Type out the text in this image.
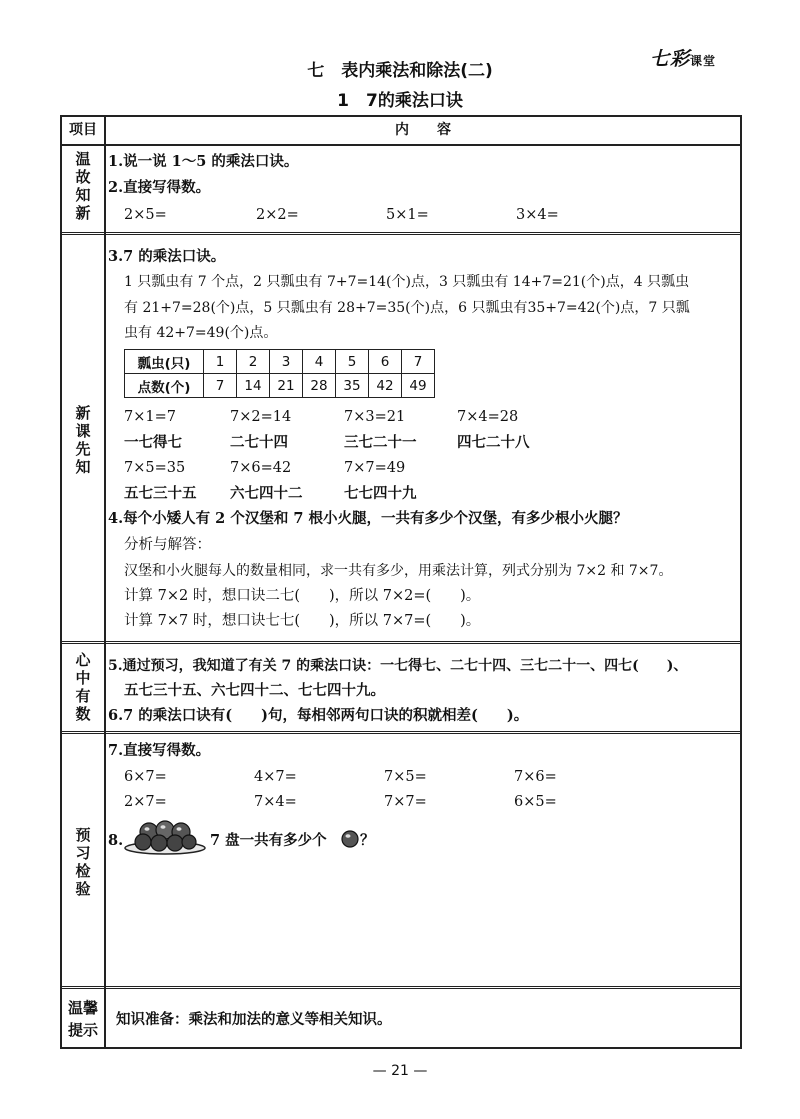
七彩课堂
七　表内乘法和除法(二)
1　7的乘法口诀
项目	内　　容
温
故
知
新
1.说一说 1～5 的乘法口诀。
2.直接写得数。
2×5=	2×2=	5×1=	3×4=
新
课
先
知
3.7 的乘法口诀。
1 只瓢虫有 7 个点，2 只瓢虫有 7+7=14(个)点，3 只瓢虫有 14+7=21(个)点，4 只瓢虫
有 21+7=28(个)点，5 只瓢虫有 28+7=35(个)点，6 只瓢虫有35+7=42(个)点，7 只瓢
虫有 42+7=49(个)点。
瓢虫(只)	1	2	3	4	5	6	7
点数(个)	7	14	21	28	35	42	49
7×1=7	7×2=14	7×3=21	7×4=28
一七得七	二七十四	三七二十一	四七二十八
7×5=35	7×6=42	7×7=49
五七三十五 六七四十二	七七四十九
4.每个小矮人有 2 个汉堡和 7 根小火腿，一共有多少个汉堡，有多少根小火腿？
分析与解答：
汉堡和小火腿每人的数量相同，求一共有多少，用乘法计算，列式分别为 7×2 和 7×7。
计算 7×2 时，想口诀二七(　　)，所以 7×2=(　　)。
计算 7×7 时，想口诀七七(　　)，所以 7×7=(　　)。
心
中
有
数
5.通过预习，我知道了有关 7 的乘法口诀：一七得七、二七十四、三七二十一、四七(　　)、
五七三十五、六七四十二、七七四十九。
6.7 的乘法口诀有(　　)句，每相邻两句口诀的积就相差(　　)。
预
习
检
验
7.直接写得数。
6×7=	4×7=	7×5=	7×6=
2×7=	7×4=	7×7=	6×5=
8.	7 盘一共有多少个 ？
温馨
提示
知识准备：乘法和加法的意义等相关知识。
— 21 —
